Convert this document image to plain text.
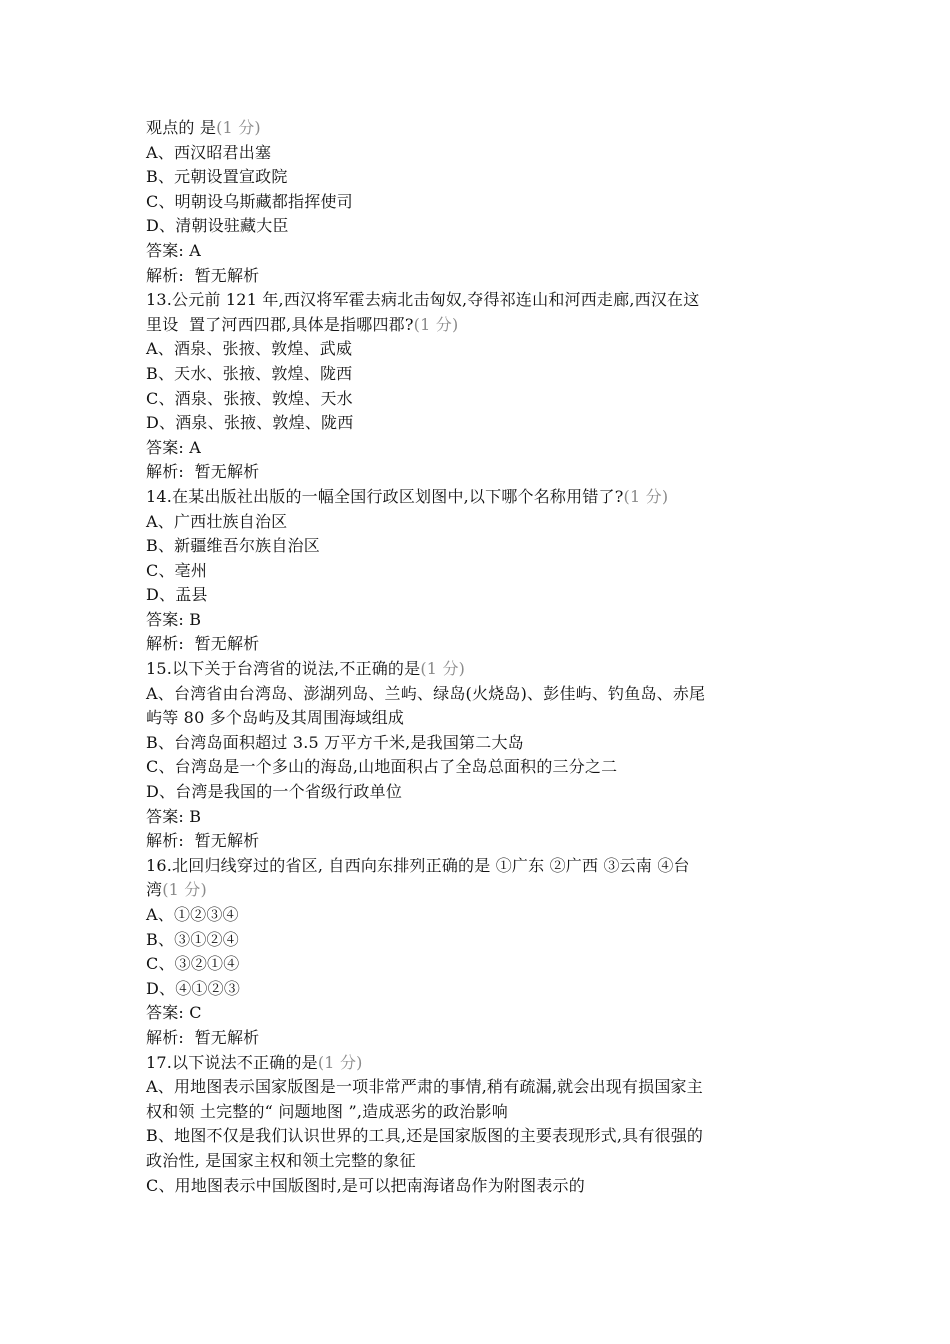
观点的 是(1 分)
A、西汉昭君出塞
B、元朝设置宣政院
C、明朝设乌斯藏都指挥使司
D、清朝设驻藏大臣
答案: A
解析:  暂无解析
13.公元前 121 年,西汉将军霍去病北击匈奴,夺得祁连山和河西走廊,西汉在这
里设  置了河西四郡,具体是指哪四郡?(1 分)
A、酒泉、张掖、敦煌、武威
B、天水、张掖、敦煌、陇西
C、酒泉、张掖、敦煌、天水
D、酒泉、张掖、敦煌、陇西
答案: A
解析:  暂无解析
14.在某出版社出版的一幅全国行政区划图中,以下哪个名称用错了?(1 分)
A、广西壮族自治区
B、新疆维吾尔族自治区
C、亳州
D、盂县
答案: B
解析:  暂无解析
15.以下关于台湾省的说法,不正确的是(1 分)
A、台湾省由台湾岛、澎湖列岛、兰屿、绿岛(火烧岛)、彭佳屿、钓鱼岛、赤尾
屿等 80 多个岛屿及其周围海域组成
B、台湾岛面积超过 3.5 万平方千米,是我国第二大岛
C、台湾岛是一个多山的海岛,山地面积占了全岛总面积的三分之二
D、台湾是我国的一个省级行政单位
答案: B
解析:  暂无解析
16.北回归线穿过的省区, 自西向东排列正确的是 ①广东 ②广西 ③云南 ④台
湾(1 分)
A、①②③④
B、③①②④
C、③②①④
D、④①②③
答案: C
解析:  暂无解析
17.以下说法不正确的是(1 分)
A、用地图表示国家版图是一项非常严肃的事情,稍有疏漏,就会出现有损国家主
权和领 土完整的“ 问题地图 ”,造成恶劣的政治影响
B、地图不仅是我们认识世界的工具,还是国家版图的主要表现形式,具有很强的
政治性, 是国家主权和领土完整的象征
C、用地图表示中国版图时,是可以把南海诸岛作为附图表示的
